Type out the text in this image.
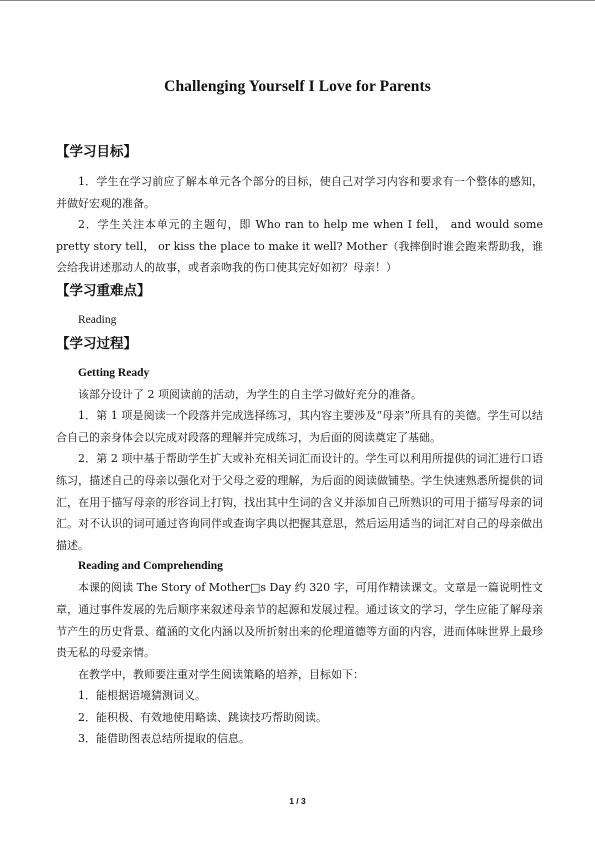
Challenging Yourself I Love for Parents
【学习目标】

1．学生在学习前应了解本单元各个部分的目标，使自己对学习内容和要求有一个整体的感知，并做好宏观的准备。

2．学生关注本单元的主题句，即 Who ran to help me when I fell， and would some pretty story tell， or kiss the place to make it well? Mother（我摔倒时谁会跑来帮助我，谁会给我讲述那动人的故事，或者亲吻我的伤口使其完好如初？母亲！）

【学习重难点】

Reading

【学习过程】
Getting Ready

该部分设计了 2 项阅读前的活动，为学生的自主学习做好充分的准备。

1．第 1 项是阅读一个段落并完成选择练习，其内容主要涉及“母亲”所具有的美德。学生可以结合自己的亲身体会以完成对段落的理解并完成练习，为后面的阅读奠定了基础。

2．第 2 项中基于帮助学生扩大或补充相关词汇而设计的。学生可以利用所提供的词汇进行口语练习，描述自己的母亲以强化对于父母之爱的理解，为后面的阅读做铺垫。学生快速熟悉所提供的词汇，在用于描写母亲的形容词上打钩，找出其中生词的含义并添加自己所熟识的可用于描写母亲的词汇。对不认识的词可通过咨询同伴或查询字典以把握其意思，然后运用适当的词汇对自己的母亲做出描述。

Reading and Comprehending

本课的阅读 The Story of Mother□s Day 约 320 字，可用作精读课文。文章是一篇说明性文章，通过事件发展的先后顺序来叙述母亲节的起源和发展过程。通过该文的学习，学生应能了解母亲节产生的历史背景、蕴涵的文化内涵以及所折射出来的伦理道德等方面的内容，进而体味世界上最珍贵无私的母爱亲情。

在教学中，教师要注重对学生阅读策略的培养，目标如下：

1．能根据语境猜测词义。

2．能积极、有效地使用略读、跳读技巧帮助阅读。

3．能借助图表总结所提取的信息。

1 / 3
